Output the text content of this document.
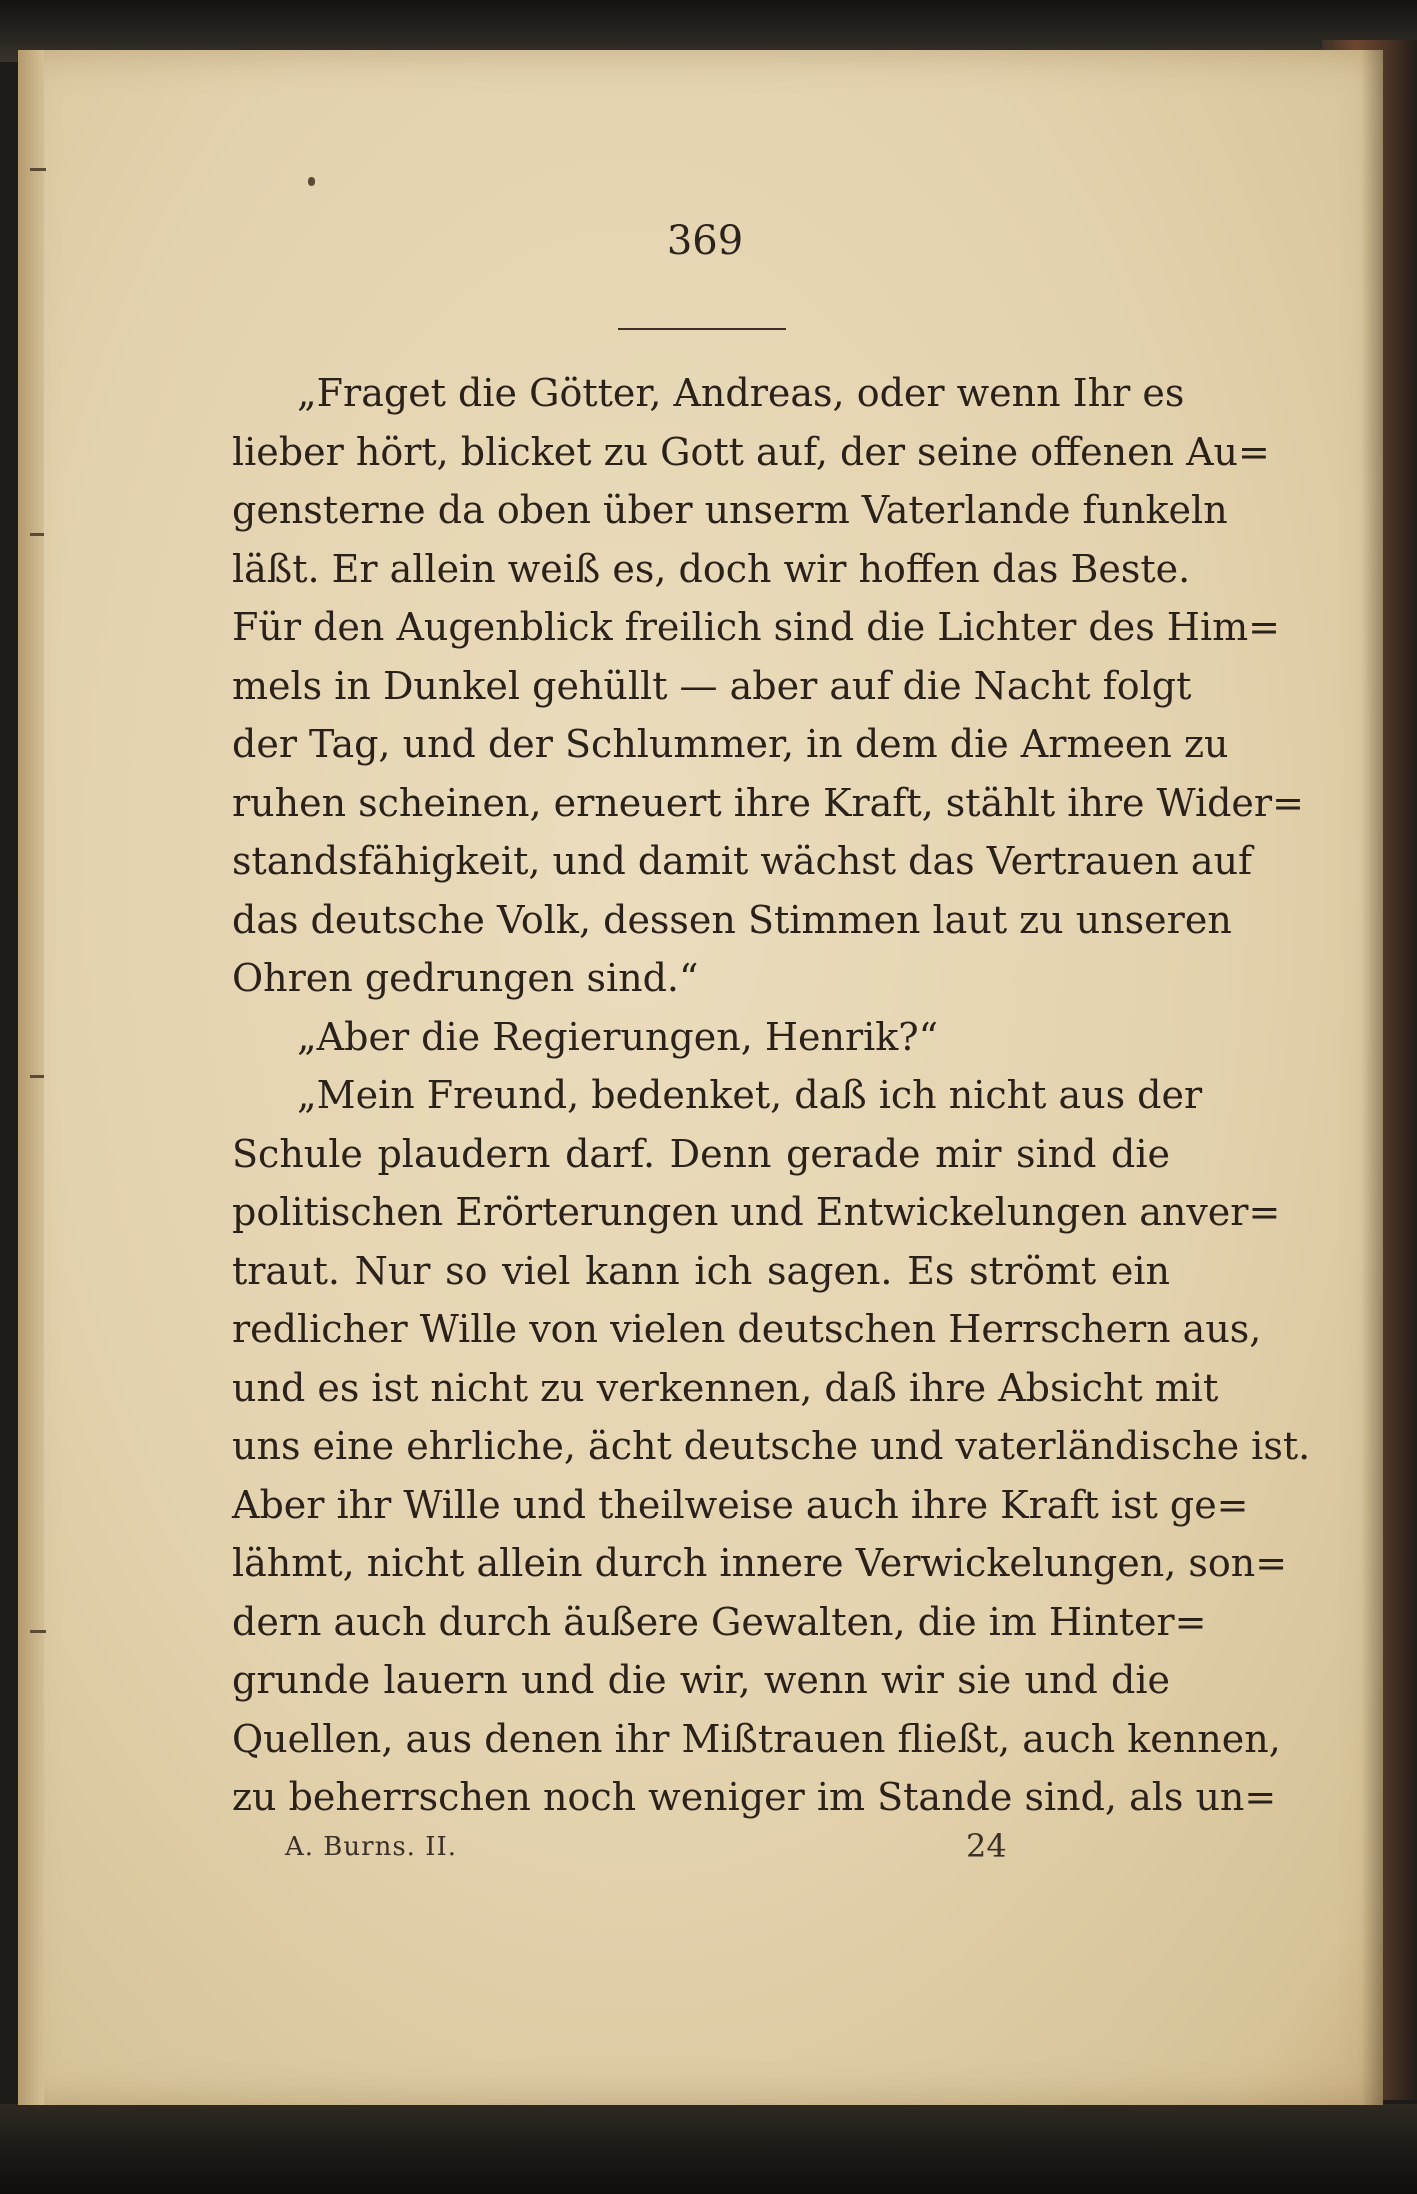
369
„Fraget die Götter, Andreas, oder wenn Ihr es
lieber hört, blicket zu Gott auf, der seine offenen Au=
gensterne da oben über unserm Vaterlande funkeln
läßt. Er allein weiß es, doch wir hoffen das Beste.
Für den Augenblick freilich sind die Lichter des Him=
mels in Dunkel gehüllt — aber auf die Nacht folgt
der Tag, und der Schlummer, in dem die Armeen zu
ruhen scheinen, erneuert ihre Kraft, stählt ihre Wider=
standsfähigkeit, und damit wächst das Vertrauen auf
das deutsche Volk, dessen Stimmen laut zu unseren
Ohren gedrungen sind.“
„Aber die Regierungen, Henrik?“
„Mein Freund, bedenket, daß ich nicht aus der
Schule plaudern darf. Denn gerade mir sind die
politischen Erörterungen und Entwickelungen anver=
traut. Nur so viel kann ich sagen. Es strömt ein
redlicher Wille von vielen deutschen Herrschern aus,
und es ist nicht zu verkennen, daß ihre Absicht mit
uns eine ehrliche, ächt deutsche und vaterländische ist.
Aber ihr Wille und theilweise auch ihre Kraft ist ge=
lähmt, nicht allein durch innere Verwickelungen, son=
dern auch durch äußere Gewalten, die im Hinter=
grunde lauern und die wir, wenn wir sie und die
Quellen, aus denen ihr Mißtrauen fließt, auch kennen,
zu beherrschen noch weniger im Stande sind, als un=
A. Burns. II.	24
